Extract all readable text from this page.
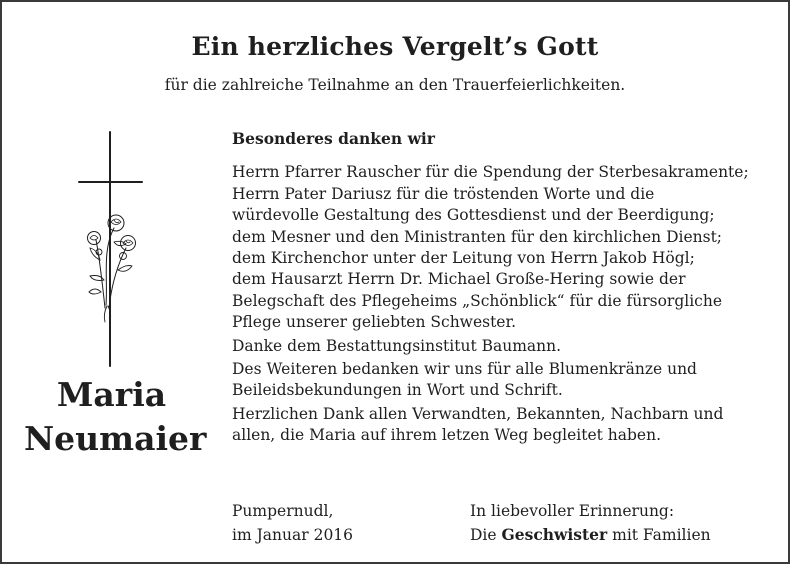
Ein herzliches Vergelt’s Gott
für die zahlreiche Teilnahme an den Trauerfeierlichkeiten.
Maria
Neumaier
Besonderes danken wir
Herrn Pfarrer Rauscher für die Spendung der Sterbesakramente;
Herrn Pater Dariusz für die tröstenden Worte und die
würdevolle Gestaltung des Gottesdienst und der Beerdigung;
dem Mesner und den Ministranten für den kirchlichen Dienst;
dem Kirchenchor unter der Leitung von Herrn Jakob Högl;
dem Hausarzt Herrn Dr. Michael Große-Hering sowie der
Belegschaft des Pflegeheims „Schönblick“ für die fürsorgliche
Pflege unserer geliebten Schwester.
Danke dem Bestattungsinstitut Baumann.
Des Weiteren bedanken wir uns für alle Blumenkränze und
Beileidsbekundungen in Wort und Schrift.
Herzlichen Dank allen Verwandten, Bekannten, Nachbarn und
allen, die Maria auf ihrem letzen Weg begleitet haben.
Pumpernudl,
im Januar 2016
In liebevoller Erinnerung:
Die Geschwister mit Familien
